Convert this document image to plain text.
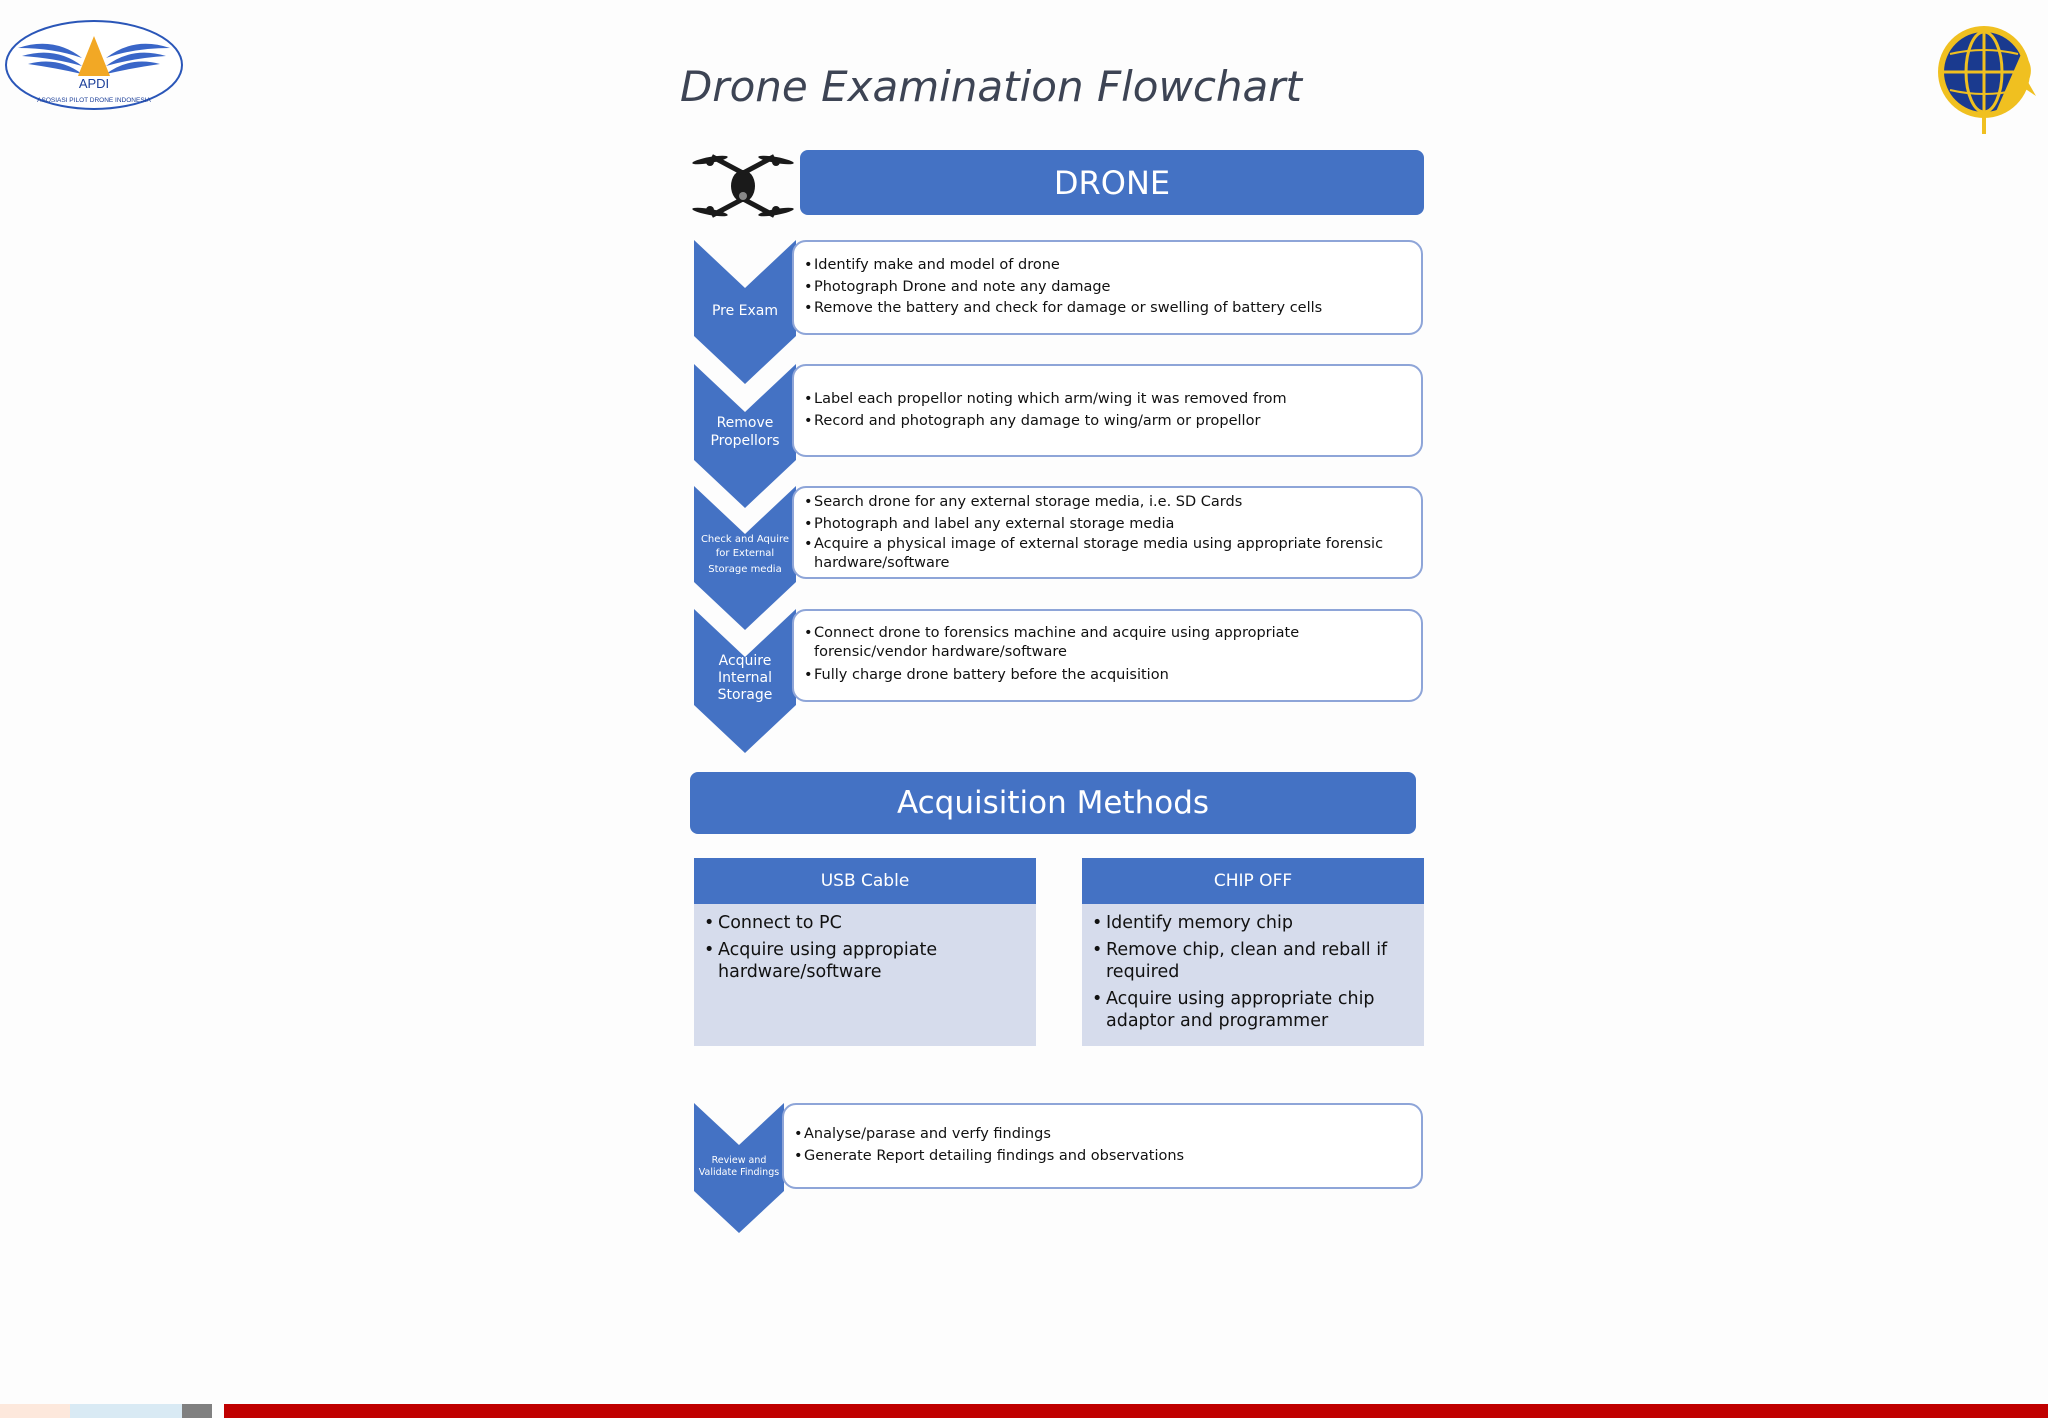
APDI
ASOSIASI PILOT DRONE INDONESIA	Drone Examination Flowchart
DRONE
Pre Exam
• Identify make and model of drone
• Photograph Drone and note any damage
• Remove the battery and check for damage or swelling of battery cells
Remove
Propellors
• Label each propellor noting which arm/wing it was removed from
• Record and photograph any damage to wing/arm or propellor
Check and Aquire
for External
Storage media
• Search drone for any external storage media, i.e. SD Cards
• Photograph and label any external storage media
• Acquire a physical image of external storage media using appropriate forensic hardware/software
Acquire
Internal
Storage
• Connect drone to forensics machine and acquire using appropriate forensic/vendor hardware/software
• Fully charge drone battery before the acquisition
Acquisition Methods
USB Cable
• Connect to PC
• Acquire using appropiate hardware/software
CHIP OFF
• Identify memory chip
• Remove chip, clean and reball if required
• Acquire using appropriate chip adaptor and programmer
Review and
Validate Findings
• Analyse/parase and verfy findings
• Generate Report detailing findings and observations
